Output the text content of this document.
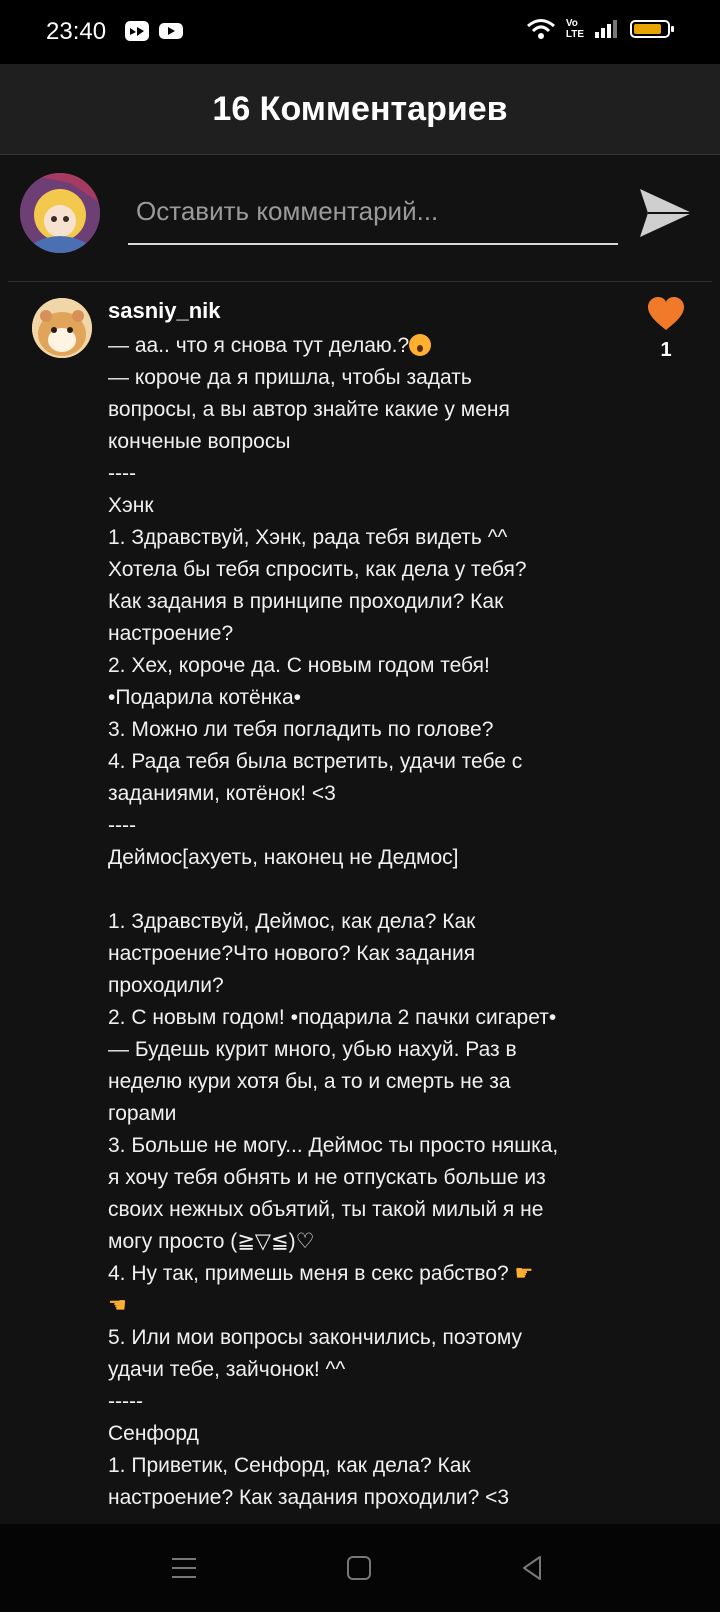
23:40	Vo
LTE
16 Комментариев
Оставить комментарий...
sasniy_nik
— аа.. что я снова тут делаю.?
— короче да я пришла, чтобы задать
вопросы, а вы автор знайте какие у меня
конченые вопросы
----
Хэнк
1. Здравствуй, Хэнк, рада тебя видеть ^^
Хотела бы тебя спросить, как дела у тебя?
Как задания в принципе проходили? Как
настроение?
2. Хех, короче да. С новым годом тебя!
•Подарила котёнка•
3. Можно ли тебя погладить по голове?
4. Рада тебя была встретить, удачи тебе с
заданиями, котёнок! <3
----
Деймос[ахуеть, наконец не Дедмос]
1. Здравствуй, Деймос, как дела? Как
настроение?Что нового? Как задания
проходили?
2. С новым годом! •подарила 2 пачки сигарет•
— Будешь курит много, убью нахуй. Раз в
неделю кури хотя бы, а то и смерть не за
горами
3. Больше не могу... Деймос ты просто няшка,
я хочу тебя обнять и не отпускать больше из
своих нежных объятий, ты такой милый я не
могу просто (≧▽≦)♡
4. Ну так, примешь меня в секс рабство? ☛
☚
5. Или мои вопросы закончились, поэтому
удачи тебе, зайчонок! ^^
-----
Сенфорд
1. Приветик, Сенфорд, как дела? Как
настроение? Как задания проходили? <3
1
